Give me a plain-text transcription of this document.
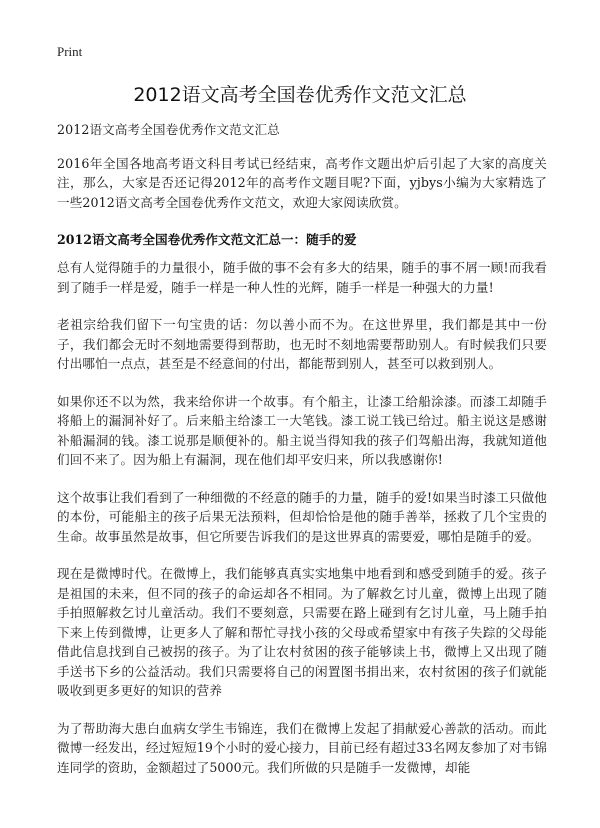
Print
2012语文高考全国卷优秀作文范文汇总

2012语文高考全国卷优秀作文范文汇总

2016年全国各地高考语文科目考试已经结束，高考作文题出炉后引起了大家的高度关注，那么，大家是否还记得2012年的高考作文题目呢?下面，yjbys小编为大家精选了一些2012语文高考全国卷优秀作文范文，欢迎大家阅读欣赏。

2012语文高考全国卷优秀作文范文汇总一：随手的爱

总有人觉得随手的力量很小，随手做的事不会有多大的结果，随手的事不屑一顾!而我看到了随手一样是爱，随手一样是一种人性的光辉，随手一样是一种强大的力量!

老祖宗给我们留下一句宝贵的话：勿以善小而不为。在这世界里，我们都是其中一份子，我们都会无时不刻地需要得到帮助，也无时不刻地需要帮助别人。有时候我们只要付出哪怕一点点，甚至是不经意间的付出，都能帮到别人，甚至可以救到别人。

如果你还不以为然，我来给你讲一个故事。有个船主，让漆工给船涂漆。而漆工却随手将船上的漏洞补好了。后来船主给漆工一大笔钱。漆工说工钱已给过。船主说这是感谢补船漏洞的钱。漆工说那是顺便补的。船主说当得知我的孩子们驾船出海，我就知道他们回不来了。因为船上有漏洞，现在他们却平安归来，所以我感谢你!

这个故事让我们看到了一种细微的不经意的随手的力量，随手的爱!如果当时漆工只做他的本份，可能船主的孩子后果无法预料，但却恰恰是他的随手善举，拯救了几个宝贵的生命。故事虽然是故事，但它所要告诉我们的是这世界真的需要爱，哪怕是随手的爱。

现在是微博时代。在微博上，我们能够真真实实地集中地看到和感受到随手的爱。孩子是祖国的未来，但不同的孩子的命运却各不相同。为了解救乞讨儿童，微博上出现了随手拍照解救乞讨儿童活动。我们不要刻意，只需要在路上碰到有乞讨儿童，马上随手拍下来上传到微博，让更多人了解和帮忙寻找小孩的父母或希望家中有孩子失踪的父母能借此信息找到自己被拐的孩子。为了让农村贫困的孩子能够读上书，微博上又出现了随手送书下乡的公益活动。我们只需要将自己的闲置图书捐出来，农村贫困的孩子们就能吸收到更多更好的知识的营养

为了帮助海大患白血病女学生韦锦连，我们在微博上发起了捐献爱心善款的活动。而此微博一经发出，经过短短19个小时的爱心接力，目前已经有超过33名网友参加了对韦锦连同学的资助，金额超过了5000元。我们所做的只是随手一发微博，却能
